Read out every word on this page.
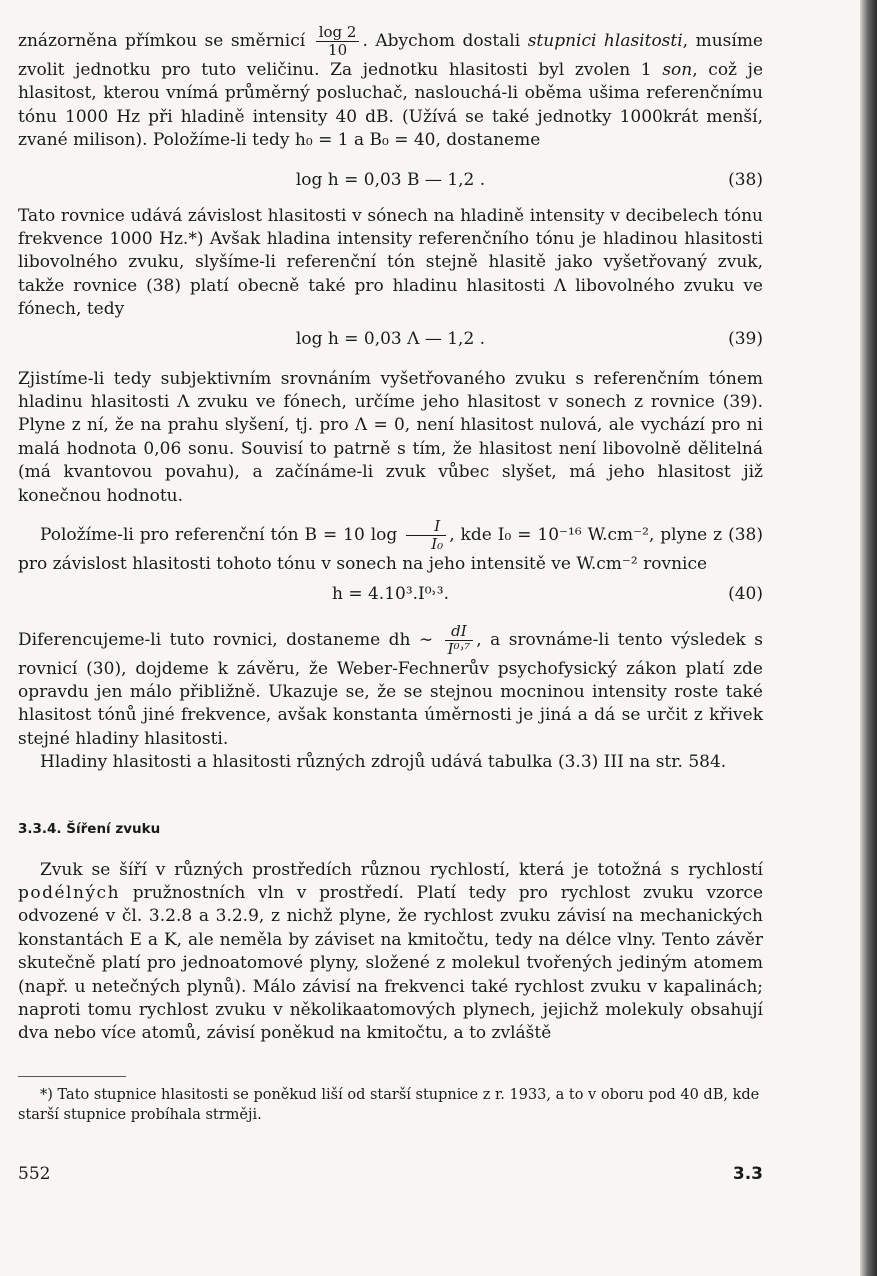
znázorněna přímkou se směrnicí $\frac{\log 2}{10}$ . Abychom dostali stupnici hlasitosti, musíme zvolit jednotku pro tuto veličinu. Za jednotku hlasitosti byl zvolen 1 son, což je hlasitost, kterou vnímá průměrný posluchač, naslouchá-li oběma ušima referenčnímu tónu 1000 Hz při hladině intensity 40 dB. (Užívá se také jednotky 1000krát menší, zvané milison). Položíme-li tedy h₀ = 1 a B₀ = 40, dostaneme

log h = 0,03 B — 1,2 .	(38)

Tato rovnice udává závislost hlasitosti v sónech na hladině intensity v decibelech tónu frekvence 1000 Hz.*) Avšak hladina intensity referenčního tónu je hladinou hlasitosti libovolného zvuku, slyšíme-li referenční tón stejně hlasitě jako vyšetřovaný zvuk, takže rovnice (38) platí obecně také pro hladinu hlasitosti Λ libovolného zvuku ve fónech, tedy

log h = 0,03 Λ — 1,2 .	(39)

Zjistíme-li tedy subjektivním srovnáním vyšetřovaného zvuku s referenčním tónem hladinu hlasitosti Λ zvuku ve fónech, určíme jeho hlasitost v sonech z rovnice (39). Plyne z ní, že na prahu slyšení, tj. pro Λ = 0, není hlasitost nulová, ale vychází pro ni malá hodnota 0,06 sonu. Souvisí to patrně s tím, že hlasitost není libovolně dělitelná (má kvantovou povahu), a začínáme-li zvuk vůbec slyšet, má jeho hlasitost již konečnou hodnotu.

Položíme-li pro referenční tón B = 10 $\log \frac{I}{\text{I₀}}$ , kde I₀ = 10⁻¹⁶ W.cm⁻², plyne z (38) pro závislost hlasitosti tohoto tónu v sonech na jeho intensitě ve W.cm⁻² rovnice

h = 4.10³.I⁰˒³.	(40)

Diferencujeme-li tuto rovnici, dostaneme dh ∼ $\frac{dI}{\text{I⁰˒⁷}}$ , a srovnáme-li tento výsledek s rovnicí (30), dojdeme k závěru, že Weber-Fechnerův psychofysický zákon platí zde opravdu jen málo přibližně. Ukazuje se, že se stejnou mocninou intensity roste také hlasitost tónů jiné frekvence, avšak konstanta úměrnosti je jiná a dá se určit z křivek stejné hladiny hlasitosti.

Hladiny hlasitosti a hlasitosti různých zdrojů udává tabulka (3.3) III na str. 584.

3.3.4. Šíření zvuku

Zvuk se šíří v různých prostředích různou rychlostí, která je totožná s rychlostí podélných pružnostních vln v prostředí. Platí tedy pro rychlost zvuku vzorce odvozené v čl. 3.2.8 a 3.2.9, z nichž plyne, že rychlost zvuku závisí na mechanických konstantách E a K, ale neměla by záviset na kmitočtu, tedy na délce vlny. Tento závěr skutečně platí pro jednoatomové plyny, složené z molekul tvořených jediným atomem (např. u netečných plynů). Málo závisí na frekvenci také rychlost zvuku v kapalinách; naproti tomu rychlost zvuku v několikaatomových plynech, jejichž molekuly obsahují dva nebo více atomů, závisí poněkud na kmitočtu, a to zvláště

*) Tato stupnice hlasitosti se poněkud liší od starší stupnice z r. 1933, a to v oboru pod 40 dB, kde starší stupnice probíhala strměji.

552	3.3
